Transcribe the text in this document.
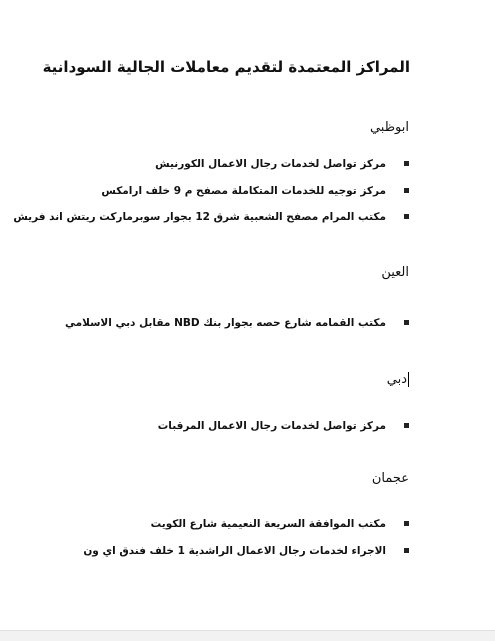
المراكز المعتمدة لتقديم معاملات الجالية السودانية
ابوظبي
مركز تواصل لخدمات رجال الاعمال الكورنيش
مركز توجيه للخدمات المتكاملة مصفح م 9 خلف ارامكس
مكتب المرام مصفح الشعبية شرق 12 بجوار سوبرماركت ريتش اند فريش
العين
مكتب القمامه شارع حصه بجوار بنك NBD مقابل دبي الاسلامي
دبي
مركز تواصل لخدمات رجال الاعمال المرقبات
عجمان
مكتب الموافقة السريعة النعيمية شارع الكويت
الاجراء لخدمات رجال الاعمال الراشدية 1 خلف فندق اي ون
